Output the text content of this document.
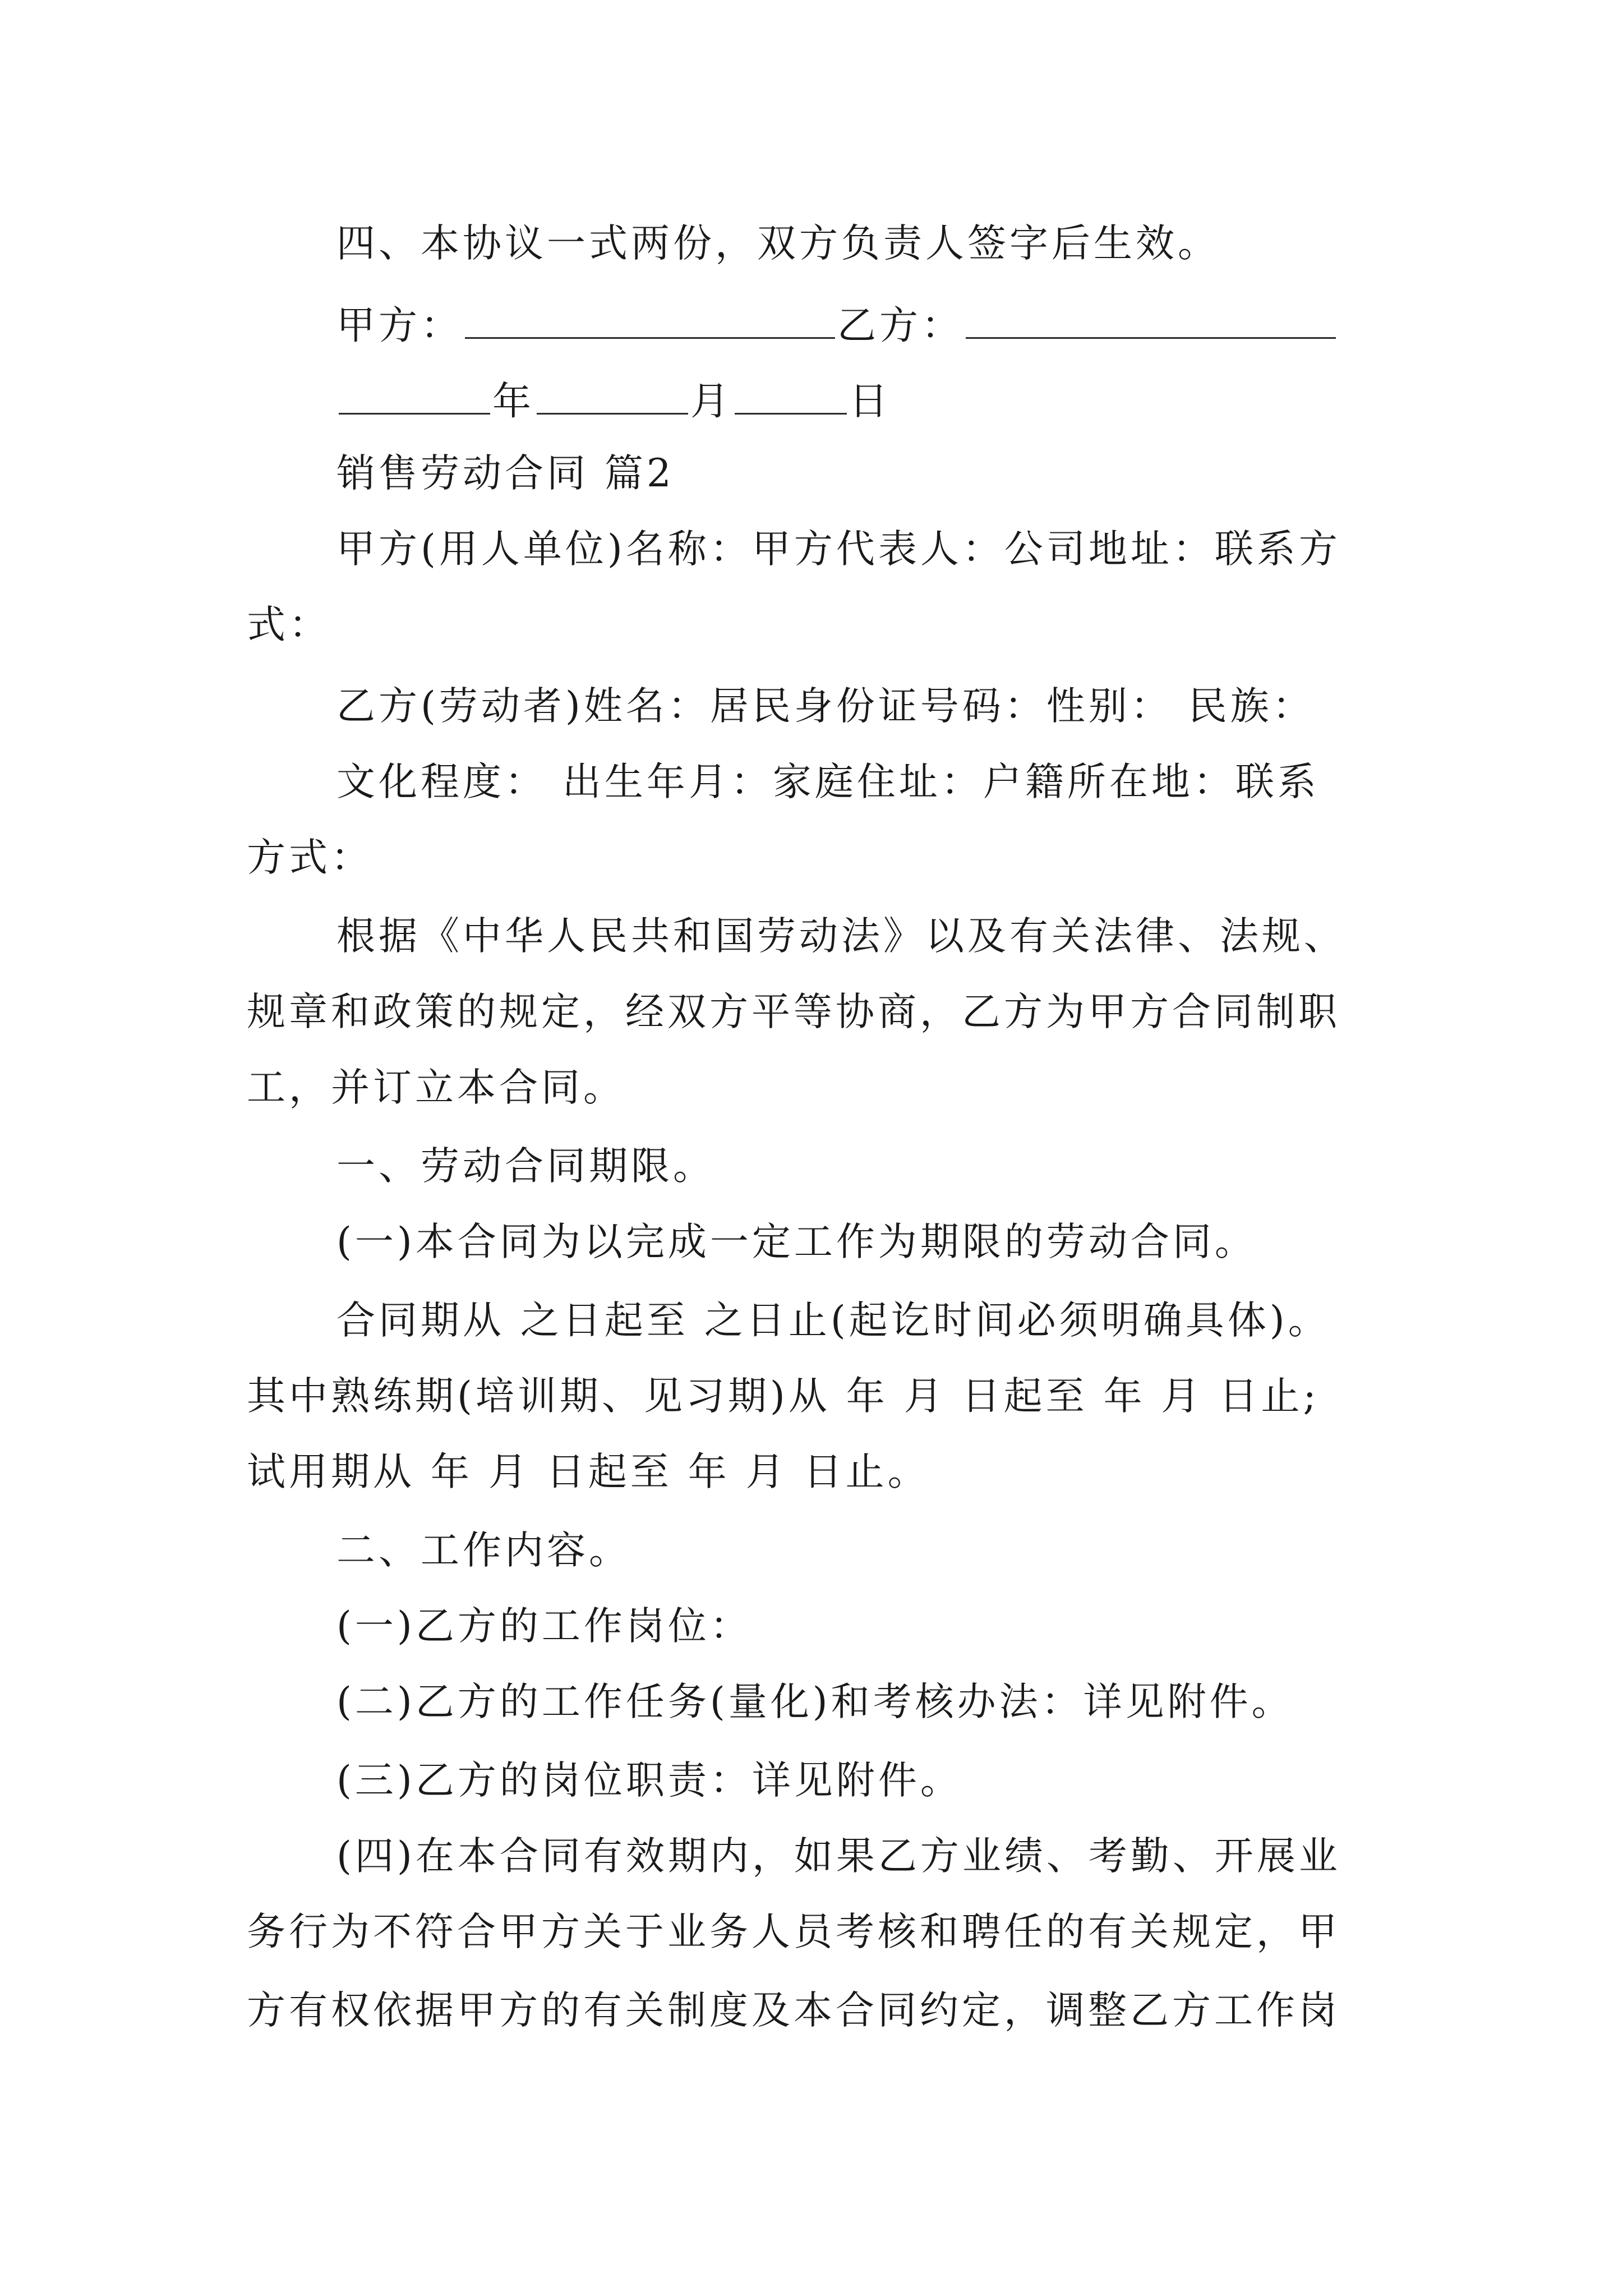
四、本协议一式两份，双方负责人签字后生效。
甲方：	乙方：
年	月	日
销售劳动合同 篇2
甲方(用人单位)名称：甲方代表人：公司地址：联系方
式：
乙方(劳动者)姓名：居民身份证号码：性别： 民族：
文化程度： 出生年月：家庭住址：户籍所在地：联系
方式：
根据《中华人民共和国劳动法》以及有关法律、法规、
规章和政策的规定，经双方平等协商，乙方为甲方合同制职
工，并订立本合同。
一、劳动合同期限。
(一)本合同为以完成一定工作为期限的劳动合同。
合同期从 之日起至 之日止(起讫时间必须明确具体)。
其中熟练期(培训期、见习期)从 年 月 日起至 年 月 日止;
试用期从 年 月 日起至 年 月 日止。
二、工作内容。
(一)乙方的工作岗位：
(二)乙方的工作任务(量化)和考核办法：详见附件。
(三)乙方的岗位职责：详见附件。
(四)在本合同有效期内，如果乙方业绩、考勤、开展业
务行为不符合甲方关于业务人员考核和聘任的有关规定，甲
方有权依据甲方的有关制度及本合同约定，调整乙方工作岗
